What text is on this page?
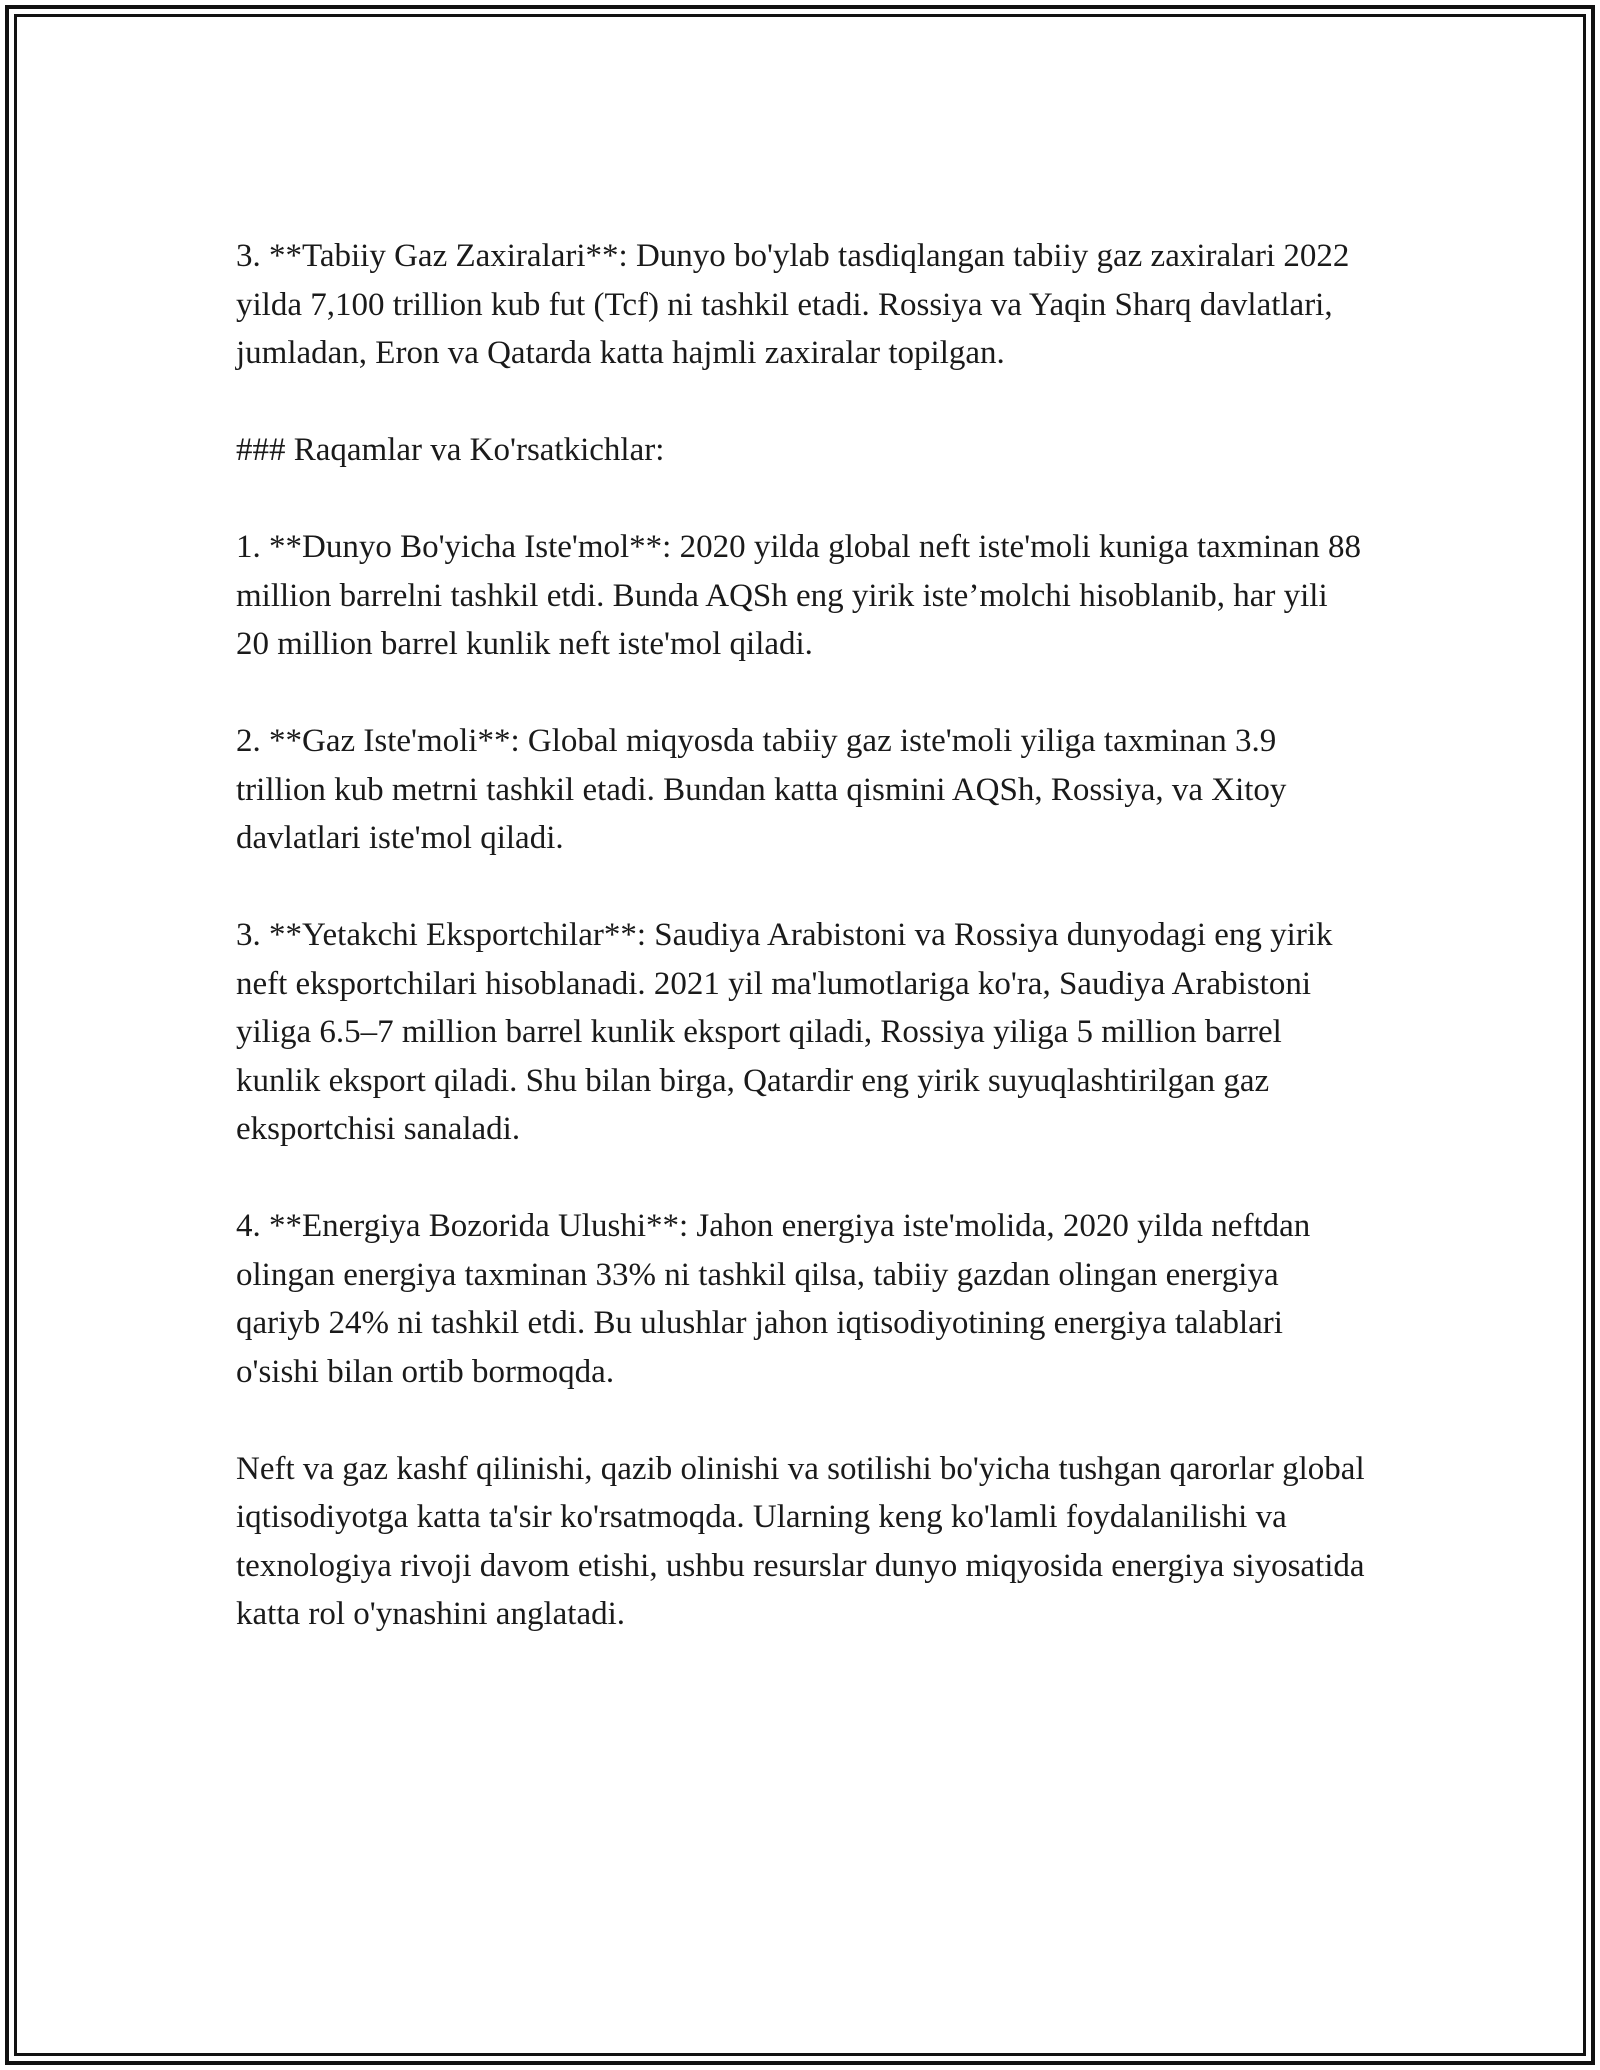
3. **Tabiiy Gaz Zaxiralari**: Dunyo bo'ylab tasdiqlangan tabiiy gaz zaxiralari 2022 yilda 7,100 trillion kub fut (Tcf) ni tashkil etadi. Rossiya va Yaqin Sharq davlatlari, jumladan, Eron va Qatarda katta hajmli zaxiralar topilgan.

### Raqamlar va Ko'rsatkichlar:

1. **Dunyo Bo'yicha Iste'mol**: 2020 yilda global neft iste'moli kuniga taxminan 88 million barrelni tashkil etdi. Bunda AQSh eng yirik iste’molchi hisoblanib, har yili 20 million barrel kunlik neft iste'mol qiladi.

2. **Gaz Iste'moli**: Global miqyosda tabiiy gaz iste'moli yiliga taxminan 3.9 trillion kub metrni tashkil etadi. Bundan katta qismini AQSh, Rossiya, va Xitoy davlatlari iste'mol qiladi.

3. **Yetakchi Eksportchilar**: Saudiya Arabistoni va Rossiya dunyodagi eng yirik neft eksportchilari hisoblanadi. 2021 yil ma'lumotlariga ko'ra, Saudiya Arabistoni yiliga 6.5–7 million barrel kunlik eksport qiladi, Rossiya yiliga 5 million barrel kunlik eksport qiladi. Shu bilan birga, Qatardir eng yirik suyuqlashtirilgan gaz eksportchisi sanaladi.

4. **Energiya Bozorida Ulushi**: Jahon energiya iste'molida, 2020 yilda neftdan olingan energiya taxminan 33% ni tashkil qilsa, tabiiy gazdan olingan energiya qariyb 24% ni tashkil etdi. Bu ulushlar jahon iqtisodiyotining energiya talablari o'sishi bilan ortib bormoqda.

Neft va gaz kashf qilinishi, qazib olinishi va sotilishi bo'yicha tushgan qarorlar global iqtisodiyotga katta ta'sir ko'rsatmoqda. Ularning keng ko'lamli foydalanilishi va texnologiya rivoji davom etishi, ushbu resurslar dunyo miqyosida energiya siyosatida katta rol o'ynashini anglatadi.
